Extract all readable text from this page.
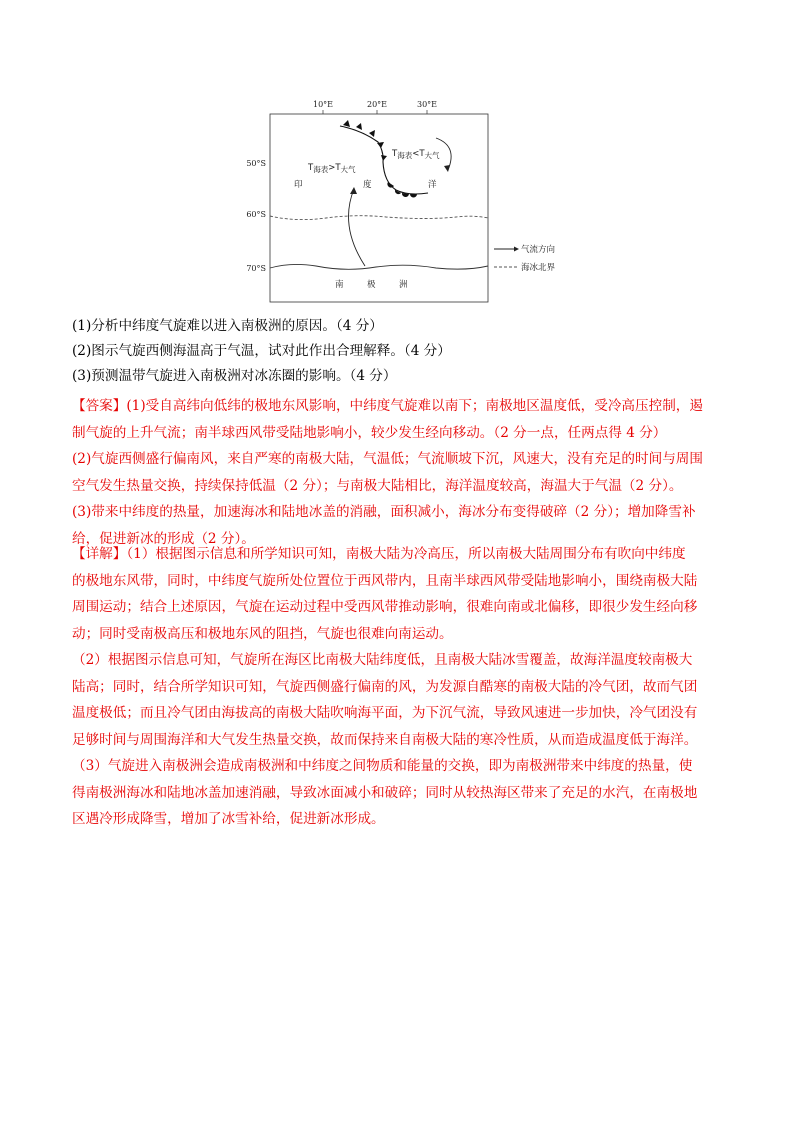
10°E	20°E	30°E
50°S
60°S
70°S
T海表>T大气
T海表<T大气
印	度	洋
南	极	洲
气流方向
海冰北界
(1)分析中纬度气旋难以进入南极洲的原因。（4 分）
(2)图示气旋西侧海温高于气温，试对此作出合理解释。（4 分）
(3)预测温带气旋进入南极洲对冰冻圈的影响。（4 分）
【答案】(1)受自高纬向低纬的极地东风影响，中纬度气旋难以南下；南极地区温度低，受冷高压控制，遏
制气旋的上升气流；南半球西风带受陆地影响小，较少发生经向移动。（2 分一点，任两点得 4 分）
(2)气旋西侧盛行偏南风，来自严寒的南极大陆，气温低；气流顺坡下沉，风速大，没有充足的时间与周围
空气发生热量交换，持续保持低温（2 分）；与南极大陆相比，海洋温度较高，海温大于气温（2 分）。
(3)带来中纬度的热量，加速海冰和陆地冰盖的消融，面积减小，海冰分布变得破碎（2 分）；增加降雪补
给，促进新冰的形成（2 分）。
【详解】（1）根据图示信息和所学知识可知，南极大陆为冷高压，所以南极大陆周围分布有吹向中纬度
的极地东风带，同时，中纬度气旋所处位置位于西风带内，且南半球西风带受陆地影响小，围绕南极大陆
周围运动；结合上述原因，气旋在运动过程中受西风带推动影响，很难向南或北偏移，即很少发生经向移
动；同时受南极高压和极地东风的阻挡，气旋也很难向南运动。
（2）根据图示信息可知，气旋所在海区比南极大陆纬度低，且南极大陆冰雪覆盖，故海洋温度较南极大
陆高；同时，结合所学知识可知，气旋西侧盛行偏南的风，为发源自酷寒的南极大陆的冷气团，故而气团
温度极低；而且冷气团由海拔高的南极大陆吹响海平面，为下沉气流，导致风速进一步加快，冷气团没有
足够时间与周围海洋和大气发生热量交换，故而保持来自南极大陆的寒冷性质，从而造成温度低于海洋。
（3）气旋进入南极洲会造成南极洲和中纬度之间物质和能量的交换，即为南极洲带来中纬度的热量，使
得南极洲海冰和陆地冰盖加速消融，导致冰面减小和破碎；同时从较热海区带来了充足的水汽，在南极地
区遇冷形成降雪，增加了冰雪补给，促进新冰形成。
